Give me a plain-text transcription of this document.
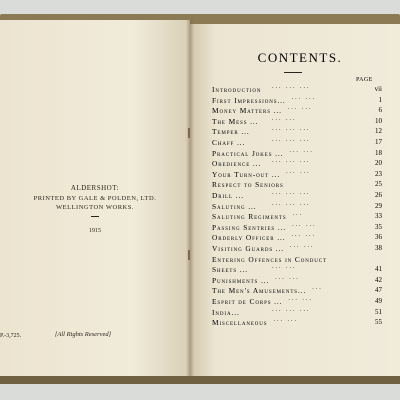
ALDERSHOT:
PRINTED BY GALE & POLDEN, LTD.
WELLINGTON WORKS.
1915
[All Rights Reserved]
P.-3,725.
CONTENTS.
PAGE
Introduction ... ... ...	vii
First Impressions... ... ...	1
Money Matters ... ... ...	6
The Mess ... ... ...	10
Temper ...	... ... ...	12
Chaff ...	... ... ...	17
Practical Jokes ... ... ...	18
Obedience ... ... ... ...	20
Your Turn-out ... ... ...	23
Respect to Seniors	25
Drill ...	... ... ...	26
Saluting ...	... ... ...	29
Saluting Regiments ...	33
Passing Sentries ... ... ...	35
Orderly Officer ... ... ...	36
Visiting Guards ... ... ...	38
Entering Offences in Conduct
Sheets ...	... ...	41
Punishments ... ... ...	42
The Men's Amusements... ...	47
Esprit de Corps ... ... ...	49
India...	... ... ...	51
Miscellaneous ... ...	55
